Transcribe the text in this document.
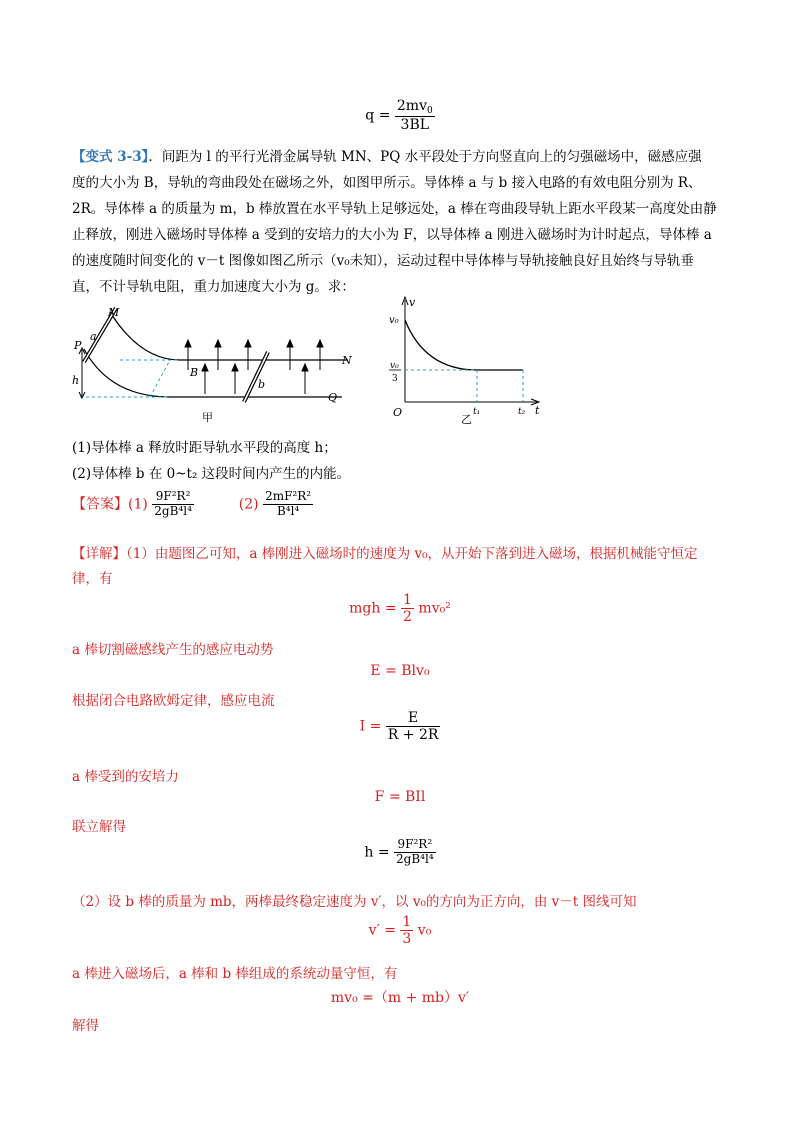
$q = \frac{2mv_0}{3BL}$
【变式 3-3】．间距为 l 的平行光滑金属导轨 MN、PQ 水平段处于方向竖直向上的匀强磁场中，磁感应强
度的大小为 B，导轨的弯曲段处在磁场之外，如图甲所示。导体棒 a 与 b 接入电路的有效电阻分别为 R、
2R。导体棒 a 的质量为 m，b 棒放置在水平导轨上足够远处，a 棒在弯曲段导轨上距水平段某一高度处由静
止释放，刚进入磁场时导体棒 a 受到的安培力的大小为 F，以导体棒 a 刚进入磁场时为计时起点，导体棒 a
的速度随时间变化的 v－t 图像如图乙所示（v₀未知），运动过程中导体棒与导轨接触良好且始终与导轨垂
直，不计导轨电阻，重力加速度大小为 g。求：
M
N
P
Q
a
b
B
h
甲
v
t
O
v₀
v₀
3
t₁	t₂
乙
(1)导体棒 a 释放时距导轨水平段的高度 h；
(2)导体棒 b 在 0~t₂ 这段时间内产生的内能。
【答案】$(1) \frac{\text{9F²R²}}{\text{2gB⁴l⁴}}$	$(2) \frac{\text{2mF²R²}}{\text{B⁴l⁴}}$
【详解】（1）由题图乙可知，a 棒刚进入磁场时的速度为 v₀，从开始下落到进入磁场，根据机械能守恒定
律，有
mgh = $\frac{1}{2} mv_0^2$
a 棒切割磁感线产生的感应电动势
E = Blv₀
根据闭合电路欧姆定律，感应电流
$I = \frac{E}{R + 2R}$
a 棒受到的安培力
F = BIl
联立解得
$h = \frac{\text{9F²R²}}{\text{2gB⁴l⁴}}$
（2）设 b 棒的质量为 mb，两棒最终稳定速度为 v′，以 v₀的方向为正方向，由 v－t 图线可知
$v' = \frac{1}{3} v_0$
a 棒进入磁场后，a 棒和 b 棒组成的系统动量守恒，有
mv₀ =（m + mb）v′
解得
